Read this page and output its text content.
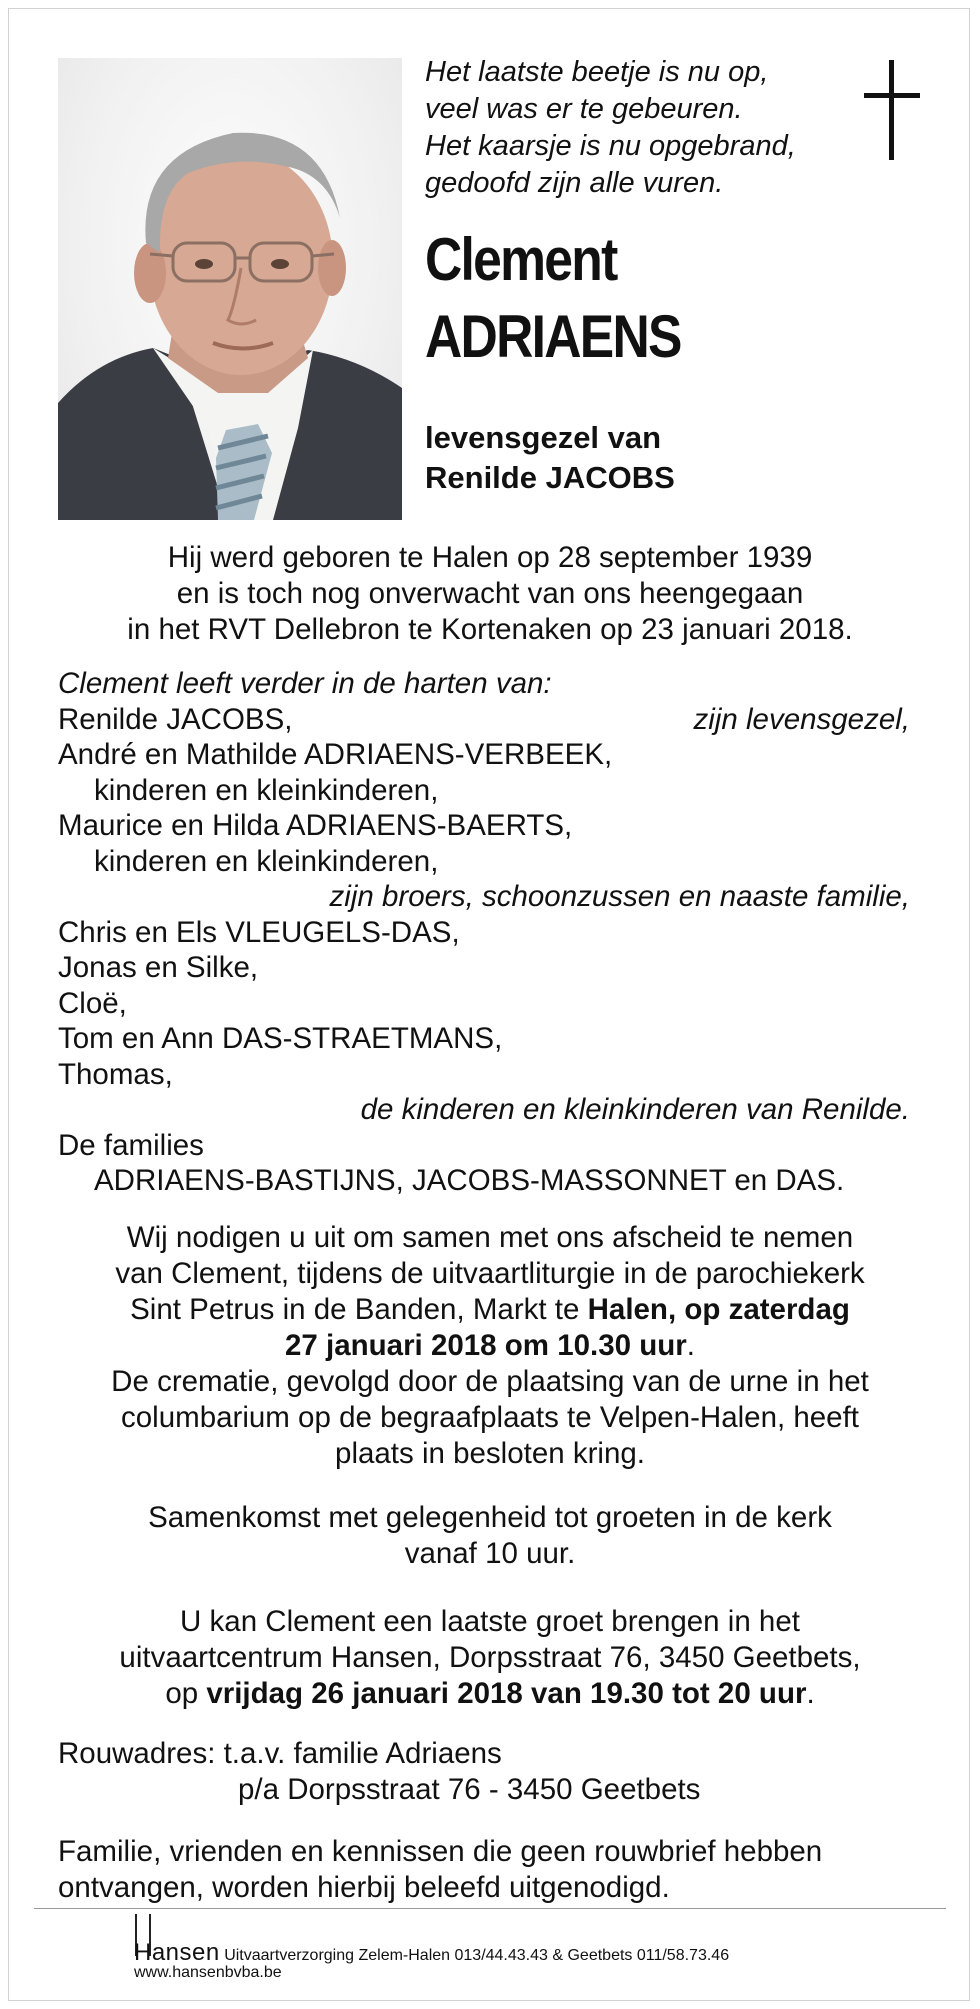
Het laatste beetje is nu op,
veel was er te gebeuren.
Het kaarsje is nu opgebrand,
gedoofd zijn alle vuren.
Clement
ADRIAENS
levensgezel van
Renilde JACOBS
Hij werd geboren te Halen op 28 september 1939
en is toch nog onverwacht van ons heengegaan
in het RVT Dellebron te Kortenaken op 23 januari 2018.
Clement leeft verder in de harten van:
Renilde JACOBS,	zijn levensgezel,
André en Mathilde ADRIAENS-VERBEEK,
kinderen en kleinkinderen,
Maurice en Hilda ADRIAENS-BAERTS,
kinderen en kleinkinderen,
zijn broers, schoonzussen en naaste familie,
Chris en Els VLEUGELS-DAS,
Jonas en Silke,
Cloë,
Tom en Ann DAS-STRAETMANS,
Thomas,
de kinderen en kleinkinderen van Renilde.
De families
ADRIAENS-BASTIJNS, JACOBS-MASSONNET en DAS.
Wij nodigen u uit om samen met ons afscheid te nemen
van Clement, tijdens de uitvaartliturgie in de parochiekerk
Sint Petrus in de Banden, Markt te Halen, op zaterdag
27 januari 2018 om 10.30 uur.
De crematie, gevolgd door de plaatsing van de urne in het
columbarium op de begraafplaats te Velpen-Halen, heeft
plaats in besloten kring.
Samenkomst met gelegenheid tot groeten in de kerk
vanaf 10 uur.
U kan Clement een laatste groet brengen in het
uitvaartcentrum Hansen, Dorpsstraat 76, 3450 Geetbets,
op vrijdag 26 januari 2018 van 19.30 tot 20 uur.
Rouwadres: t.a.v. familie Adriaens
p/a Dorpsstraat 76 - 3450 Geetbets
Familie, vrienden en kennissen die geen rouwbrief hebben
ontvangen, worden hierbij beleefd uitgenodigd.
Hansen Uitvaartverzorging Zelem-Halen 013/44.43.43 & Geetbets 011/58.73.46
www.hansenbvba.be
